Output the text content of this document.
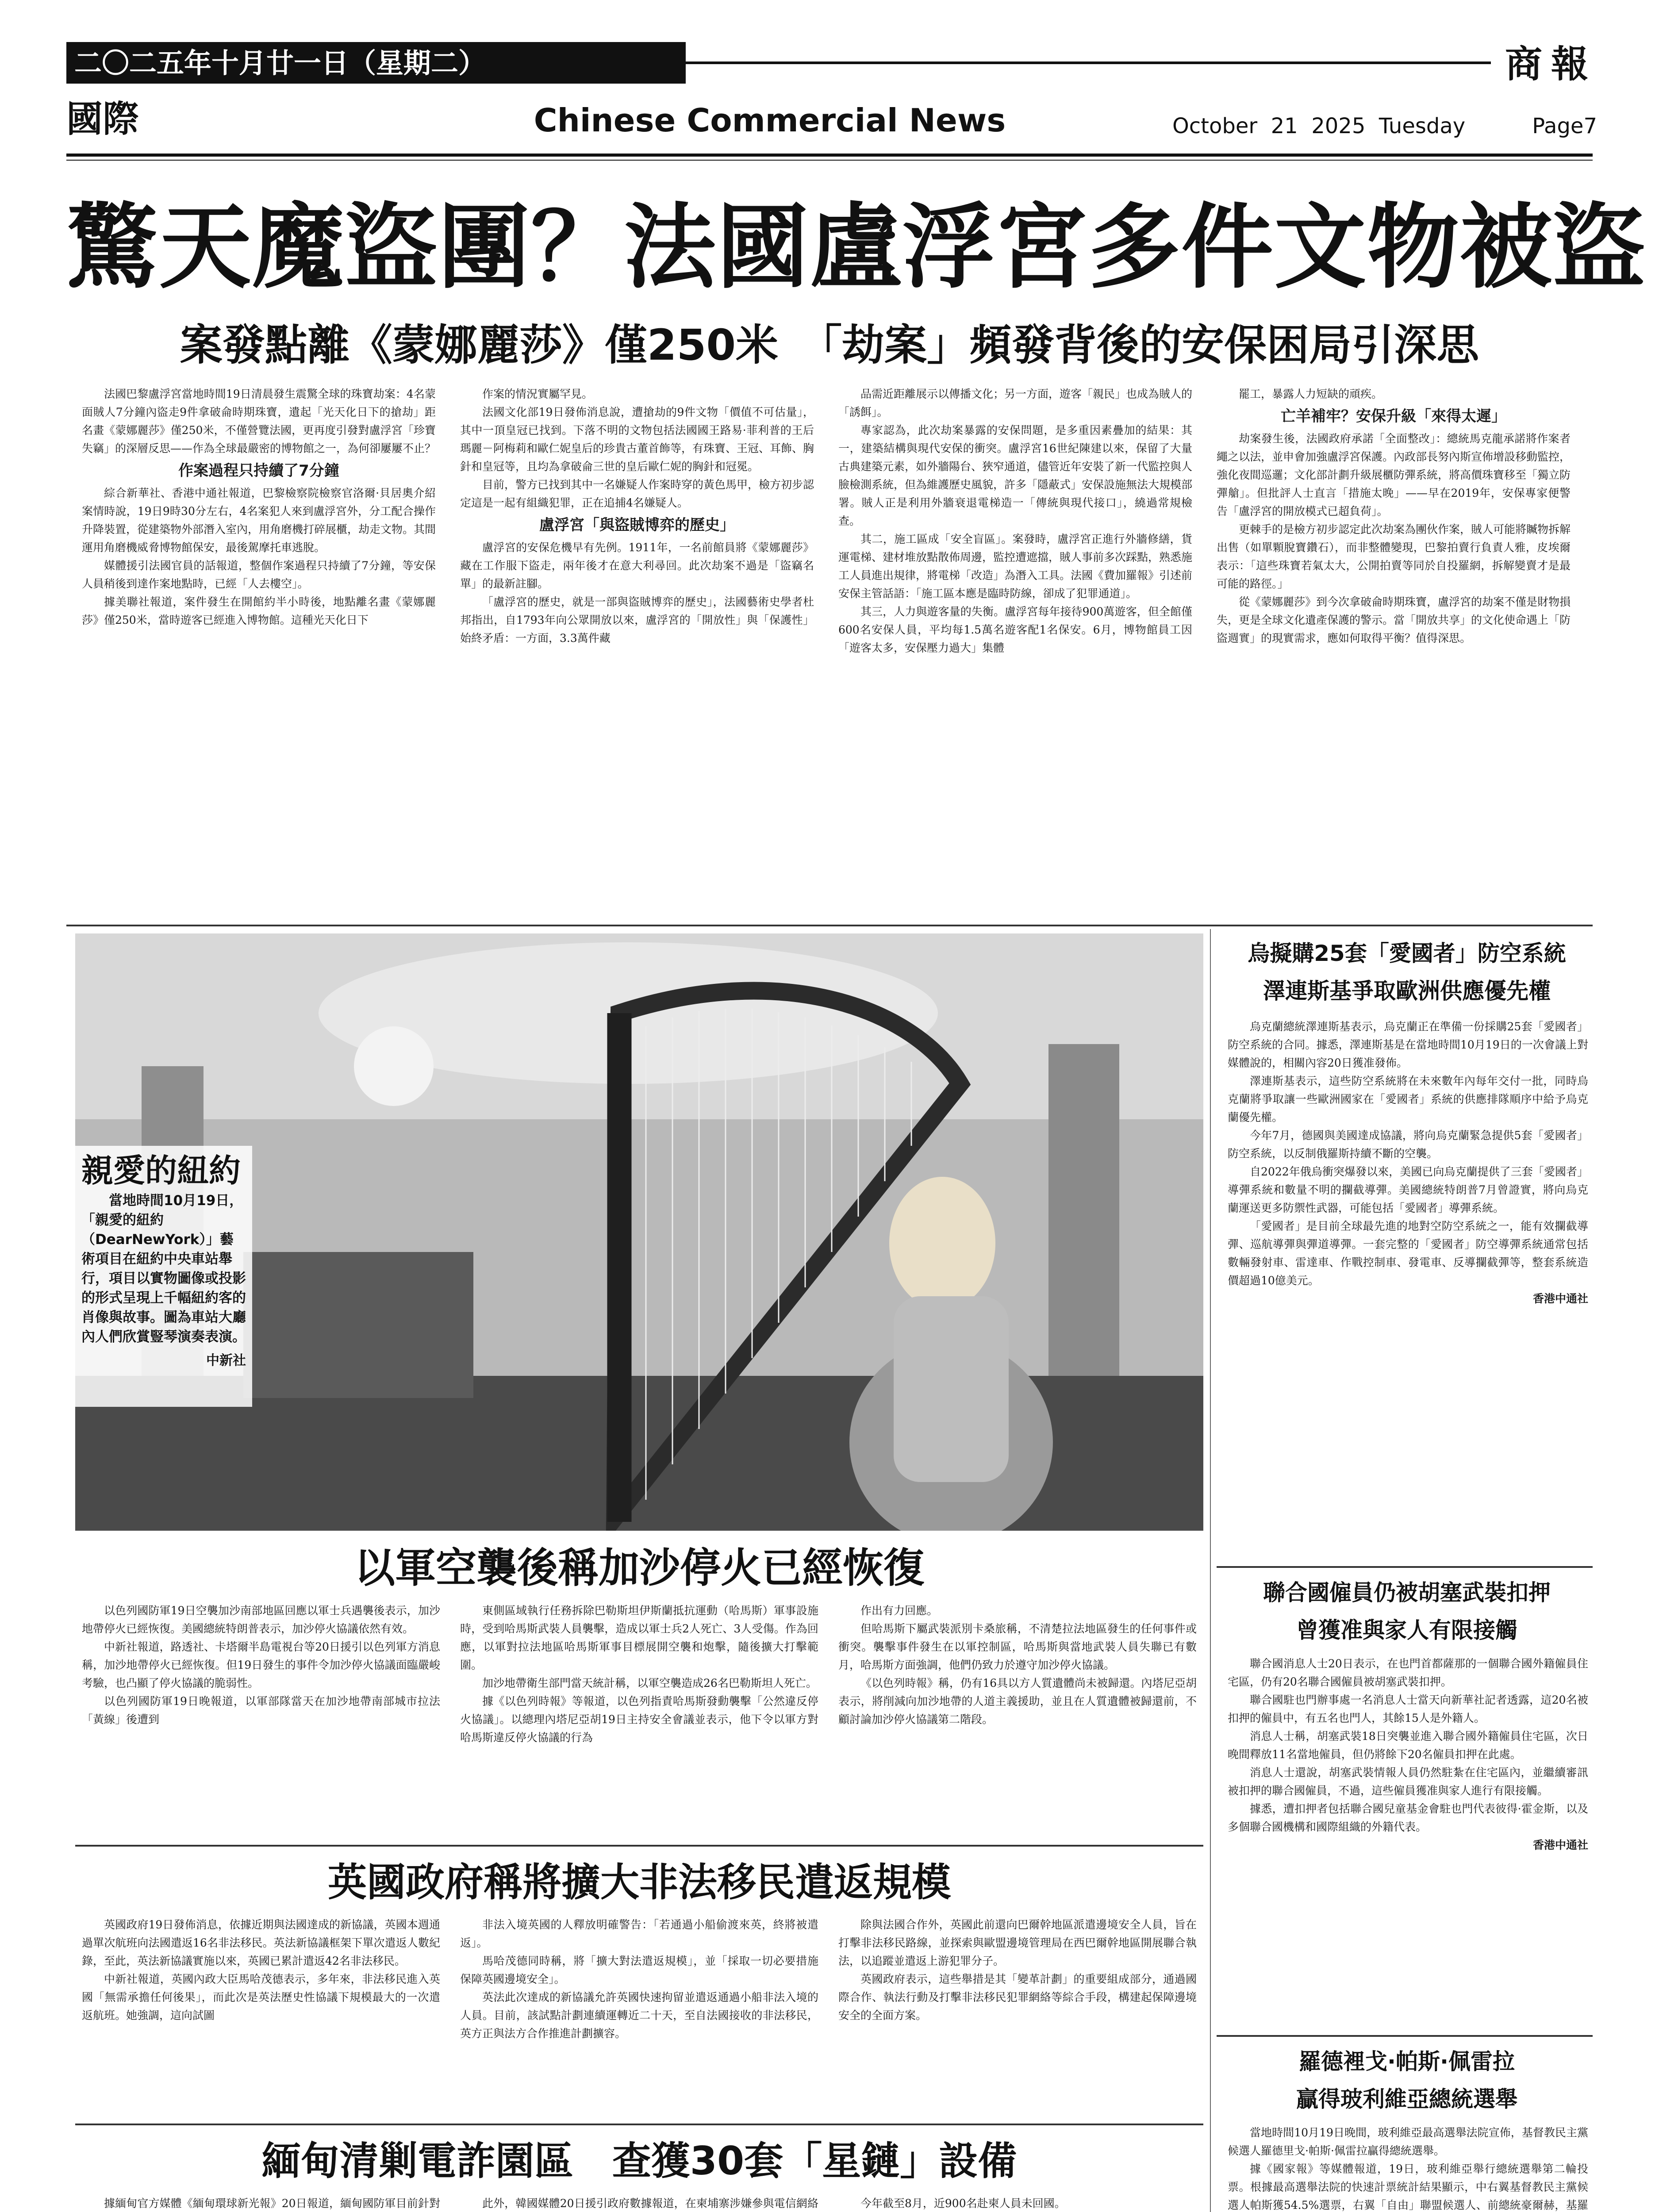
二〇二五年十月廿一日（星期二）	商報
國際	Chinese Commercial News	October  21  2025  Tuesday	Page7
驚天魔盜團？法國盧浮宮多件文物被盜
案發點離《蒙娜麗莎》僅250米　「劫案」頻發背後的安保困局引深思

法國巴黎盧浮宮當地時間19日清晨發生震驚全球的珠寶劫案：4名蒙面賊人7分鐘內盜走9件拿破侖時期珠寶，遺起「光天化日下的搶劫」距名畫《蒙娜麗莎》僅250米，不僅營覽法國，更再度引發對盧浮宮「珍寶失竊」的深層反思——作為全球最嚴密的博物館之一，為何卻屢屢不止？

作案過程只持續了7分鐘

綜合新華社、香港中通社報道，巴黎檢察院檢察官洛爾·貝居奧介紹案情時說，19日9時30分左右，4名案犯人來到盧浮宮外，分工配合操作升降裝置，從建築物外部潛入室內，用角磨機打碎展櫃，劫走文物。其間運用角磨機威脅博物館保安，最後駕摩托車逃脫。

媒體援引法國官員的話報道，整個作案過程只持續了7分鐘，等安保人員稍後到達作案地點時，已經「人去樓空」。

據美聯社報道，案件發生在開館約半小時後，地點離名畫《蒙娜麗莎》僅250米，當時遊客已經進入博物館。這種光天化日下

作案的情況實屬罕見。

法國文化部19日發佈消息說，遭搶劫的9件文物「價值不可估量」，其中一頂皇冠已找到。下落不明的文物包括法國國王路易·菲利普的王后瑪麗－阿梅莉和歐仁妮皇后的珍貴古董首飾等，有珠寶、王冠、耳飾、胸針和皇冠等，且均為拿破侖三世的皇后歐仁妮的胸針和冠冕。

目前，警方已找到其中一名嫌疑人作案時穿的黃色馬甲，檢方初步認定這是一起有組織犯罪，正在追捕4名嫌疑人。

盧浮宮「與盜賊博弈的歷史」

盧浮宮的安保危機早有先例。1911年，一名前館員將《蒙娜麗莎》藏在工作服下盜走，兩年後才在意大利尋回。此次劫案不過是「盜竊名單」的最新註腳。

「盧浮宮的歷史，就是一部與盜賊博弈的歷史」，法國藝術史學者杜邦指出，自1793年向公眾開放以來，盧浮宮的「開放性」與「保護性」始終矛盾：一方面，3.3萬件藏

品需近距離展示以傳播文化；另一方面，遊客「親民」也成為賊人的「誘餌」。

專家認為，此次劫案暴露的安保問題，是多重因素疊加的結果：其一，建築結構與現代安保的衝突。盧浮宮16世紀陳建以來，保留了大量古典建築元素，如外牆陽台、狹窄通道，儘管近年安裝了新一代監控與人臉檢測系統，但為維護歷史風貌，許多「隱蔽式」安保設施無法大規模部署。賊人正是利用外牆衰退電梯造一「傳統與現代接口」，繞過常規檢查。

其二，施工區成「安全盲區」。案發時，盧浮宮正進行外牆修繕，貨運電梯、建材堆放點散佈周邊，監控遭遮擋，賊人事前多次踩點，熟悉施工人員進出規律，將電梯「改造」為潛入工具。法國《費加羅報》引述前安保主管話語：「施工區本應是臨時防線，卻成了犯罪通道」。

其三，人力與遊客量的失衡。盧浮宮每年接待900萬遊客，但全館僅600名安保人員，平均每1.5萬名遊客配1名保安。6月，博物館員工因「遊客太多，安保壓力過大」集體

罷工，暴露人力短缺的頑疾。

亡羊補牢？安保升級「來得太遲」

劫案發生後，法國政府承諾「全面整改」：總統馬克龍承諾將作案者繩之以法，並申會加強盧浮宮保護。內政部長努內斯宣佈增設移動監控，強化夜間巡邏；文化部計劃升級展櫃防彈系統，將高價珠寶移至「獨立防彈艙」。但批評人士直言「措施太晚」——早在2019年，安保專家便警告「盧浮宮的開放模式已超負荷」。

更棘手的是檢方初步認定此次劫案為團伙作案，賊人可能將贓物拆解出售（如單顆脫寶鑽石），而非整體變現，巴黎拍賣行負責人雅，皮埃爾表示：「這些珠寶若氣太大，公開拍賣等同於自投羅網，拆解變賣才是最可能的路徑。」

從《蒙娜麗莎》到今次拿破侖時期珠寶，盧浮宮的劫案不僅是財物損失，更是全球文化遺產保護的警示。當「開放共享」的文化使命遇上「防盜週實」的現實需求，應如何取得平衡？值得深思。

親愛的紐約
當地時間10月19日，「親愛的紐約（DearNewYork）」藝術項目在紐約中央車站舉行，項目以實物圖像或投影的形式呈現上千幅紐約客的肖像與故事。圖為車站大廳內人們欣賞豎琴演奏表演。
中新社
以軍空襲後稱加沙停火已經恢復

以色列國防軍19日空襲加沙南部地區回應以軍士兵遇襲後表示，加沙地帶停火已經恢復。美國總統特朗普表示，加沙停火協議依然有效。

中新社報道，路透社、卡塔爾半島電視台等20日援引以色列軍方消息稱，加沙地帶停火已經恢復。但19日發生的事件令加沙停火協議面臨嚴峻考驗，也凸顯了停火協議的脆弱性。

以色列國防軍19日晚報道，以軍部隊當天在加沙地帶南部城市拉法「黃線」後遭到

東側區域執行任務拆除巴勒斯坦伊斯蘭抵抗運動（哈馬斯）軍事設施時，受到哈馬斯武裝人員襲擊，造成以軍士兵2人死亡、3人受傷。作為回應，以軍對拉法地區哈馬斯軍事目標展開空襲和炮擊，隨後擴大打擊範圍。

加沙地帶衛生部門當天統計稱，以軍空襲造成26名巴勒斯坦人死亡。

據《以色列時報》等報道，以色列指責哈馬斯發動襲擊「公然違反停火協議」。以總理內塔尼亞胡19日主持安全會議並表示，他下令以軍方對哈馬斯違反停火協議的行為

作出有力回應。

但哈馬斯下屬武裝派別卡桑旅稱，不清楚拉法地區發生的任何事件或衝突。襲擊事件發生在以軍控制區，哈馬斯與當地武裝人員失聯已有數月，哈馬斯方面強調，他們仍致力於遵守加沙停火協議。

《以色列時報》稱，仍有16具以方人質遺體尚未被歸還。內塔尼亞胡表示，將削減向加沙地帶的人道主義援助，並且在人質遺體被歸還前，不顧討論加沙停火協議第二階段。

英國政府稱將擴大非法移民遣返規模

英國政府19日發佈消息，依據近期與法國達成的新協議，英國本週通過單次航班向法國遣返16名非法移民。英法新協議框架下單次遣返人數紀錄，至此，英法新協議實施以來，英國已累計遣返42名非法移民。

中新社報道，英國內政大臣馬哈茂德表示，多年來，非法移民進入英國「無需承擔任何後果」，而此次是英法歷史性協議下規模最大的一次遣返航班。她強調，這向試圖

非法入境英國的人釋放明確警告：「若通過小船偷渡來英，終將被遣返」。

馬哈茂德同時稱，將「擴大對法遣返規模」，並「採取一切必要措施保障英國邊境安全」。

英法此次達成的新協議允許英國快速拘留並遣返通過小船非法入境的人員。目前，該試點計劃連續運轉近二十天，至自法國接收的非法移民，英方正與法方合作推進計劃擴容。

除與法國合作外，英國此前還向巴爾幹地區派遣邊境安全人員，旨在打擊非法移民路線，並探索與歐盟邊境管理局在西巴爾幹地區開展聯合執法，以追蹤並遣返上游犯罪分子。

英國政府表示，這些舉措是其「變革計劃」的重要組成部分，通過國際合作、執法行動及打擊非法移民犯罪網絡等綜合手段，構建起保障邊境安全的全面方案。

緬甸清剿電詐園區　查獲30套「星鏈」設備

據緬甸官方媒體《緬甸環球新光報》20日報道，緬甸國防軍目前針對	此外，韓國媒體20日援引政府數據報道，在柬埔寨涉嫌參與電信網絡	今年截至8月，近900名赴柬人員未回國。

烏擬購25套「愛國者」防空系統
澤連斯基爭取歐洲供應優先權

烏克蘭總統澤連斯基表示，烏克蘭正在準備一份採購25套「愛國者」防空系統的合同。據悉，澤連斯基是在當地時間10月19日的一次會議上對媒體說的，相關內容20日獲准發佈。

澤連斯基表示，這些防空系統將在未來數年內每年交付一批，同時烏克蘭將爭取讓一些歐洲國家在「愛國者」系統的供應排隊順序中給予烏克蘭優先權。

今年7月，德國與美國達成協議，將向烏克蘭緊急提供5套「愛國者」防空系統，以反制俄羅斯持續不斷的空襲。

自2022年俄烏衝突爆發以來，美國已向烏克蘭提供了三套「愛國者」導彈系統和數量不明的攔截導彈。美國總統特朗普7月曾證實，將向烏克蘭運送更多防禦性武器，可能包括「愛國者」導彈系統。

「愛國者」是目前全球最先進的地對空防空系統之一，能有效攔截導彈、巡航導彈與彈道導彈。一套完整的「愛國者」防空導彈系統通常包括數輛發射車、雷達車、作戰控制車、發電車、反導攔截彈等，整套系統造價超過10億美元。

香港中通社
聯合國僱員仍被胡塞武裝扣押
曾獲准與家人有限接觸

聯合國消息人士20日表示，在也門首都薩那的一個聯合國外籍僱員住宅區，仍有20名聯合國僱員被胡塞武裝扣押。

聯合國駐也門辦事處一名消息人士當天向新華社記者透露，這20名被扣押的僱員中，有五名也門人，其餘15人是外籍人。

消息人士稱，胡塞武裝18日突襲並進入聯合國外籍僱員住宅區，次日晚間釋放11名當地僱員，但仍將餘下20名僱員扣押在此處。

消息人士還說，胡塞武裝情報人員仍然駐紮在住宅區內，並繼續審訊被扣押的聯合國僱員，不過，這些僱員獲准與家人進行有限接觸。

據悉，遭扣押者包括聯合國兒童基金會駐也門代表彼得·霍金斯，以及多個聯合國機構和國際組織的外籍代表。

香港中通社
羅德裡戈·帕斯·佩雷拉
贏得玻利維亞總統選舉

當地時間10月19日晚間，玻利維亞最高選舉法院宣佈，基督教民主黨候選人羅德里戈·帕斯·佩雷拉贏得總統選舉。

據《國家報》等媒體報道，19日，玻利維亞舉行總統選舉第二輪投票。根據最高選舉法院的快速計票統計結果顯示，中右翼基督教民主黨候選人帕斯獲54.5%選票，右翼「自由」聯盟候選人、前總統豪爾赫，基羅
